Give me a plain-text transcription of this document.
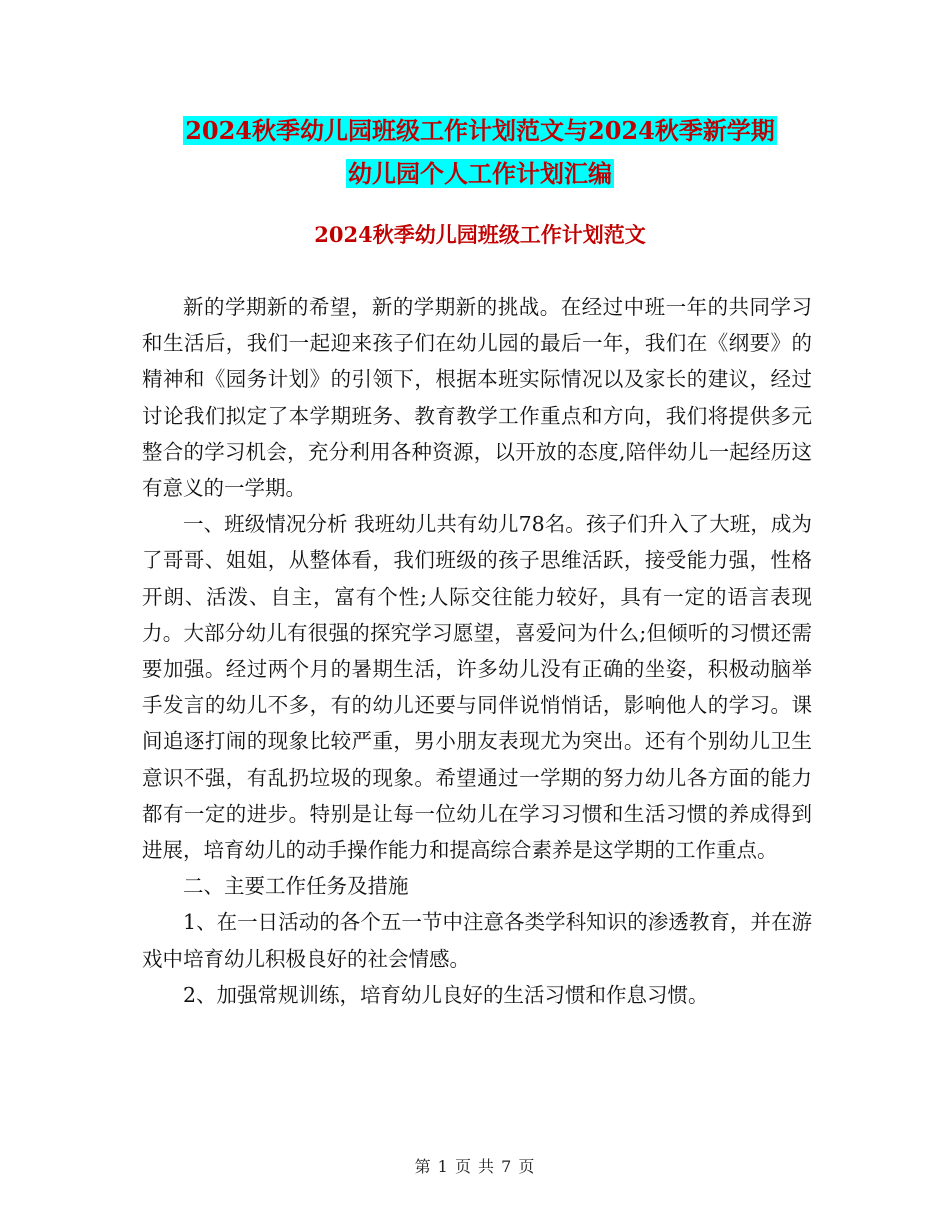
2024秋季幼儿园班级工作计划范文与2024秋季新学期
幼儿园个人工作计划汇编
2024秋季幼儿园班级工作计划范文

新的学期新的希望，新的学期新的挑战。在经过中班一年的共同学习和生活后，我们一起迎来孩子们在幼儿园的最后一年，我们在《纲要》的精神和《园务计划》的引领下，根据本班实际情况以及家长的建议，经过讨论我们拟定了本学期班务、教育教学工作重点和方向，我们将提供多元整合的学习机会，充分利用各种资源，以开放的态度,陪伴幼儿一起经历这有意义的一学期。

一、班级情况分析 我班幼儿共有幼儿78名。孩子们升入了大班，成为了哥哥、姐姐，从整体看，我们班级的孩子思维活跃，接受能力强，性格开朗、活泼、自主，富有个性;人际交往能力较好，具有一定的语言表现力。大部分幼儿有很强的探究学习愿望，喜爱问为什么;但倾听的习惯还需要加强。经过两个月的暑期生活，许多幼儿没有正确的坐姿，积极动脑举手发言的幼儿不多，有的幼儿还要与同伴说悄悄话，影响他人的学习。课间追逐打闹的现象比较严重，男小朋友表现尤为突出。还有个别幼儿卫生意识不强，有乱扔垃圾的现象。希望通过一学期的努力幼儿各方面的能力都有一定的进步。特别是让每一位幼儿在学习习惯和生活习惯的养成得到进展，培育幼儿的动手操作能力和提高综合素养是这学期的工作重点。

二、主要工作任务及措施

1、在一日活动的各个五一节中注意各类学科知识的渗透教育，并在游戏中培育幼儿积极良好的社会情感。

2、加强常规训练，培育幼儿良好的生活习惯和作息习惯。

第 1 页 共 7 页
